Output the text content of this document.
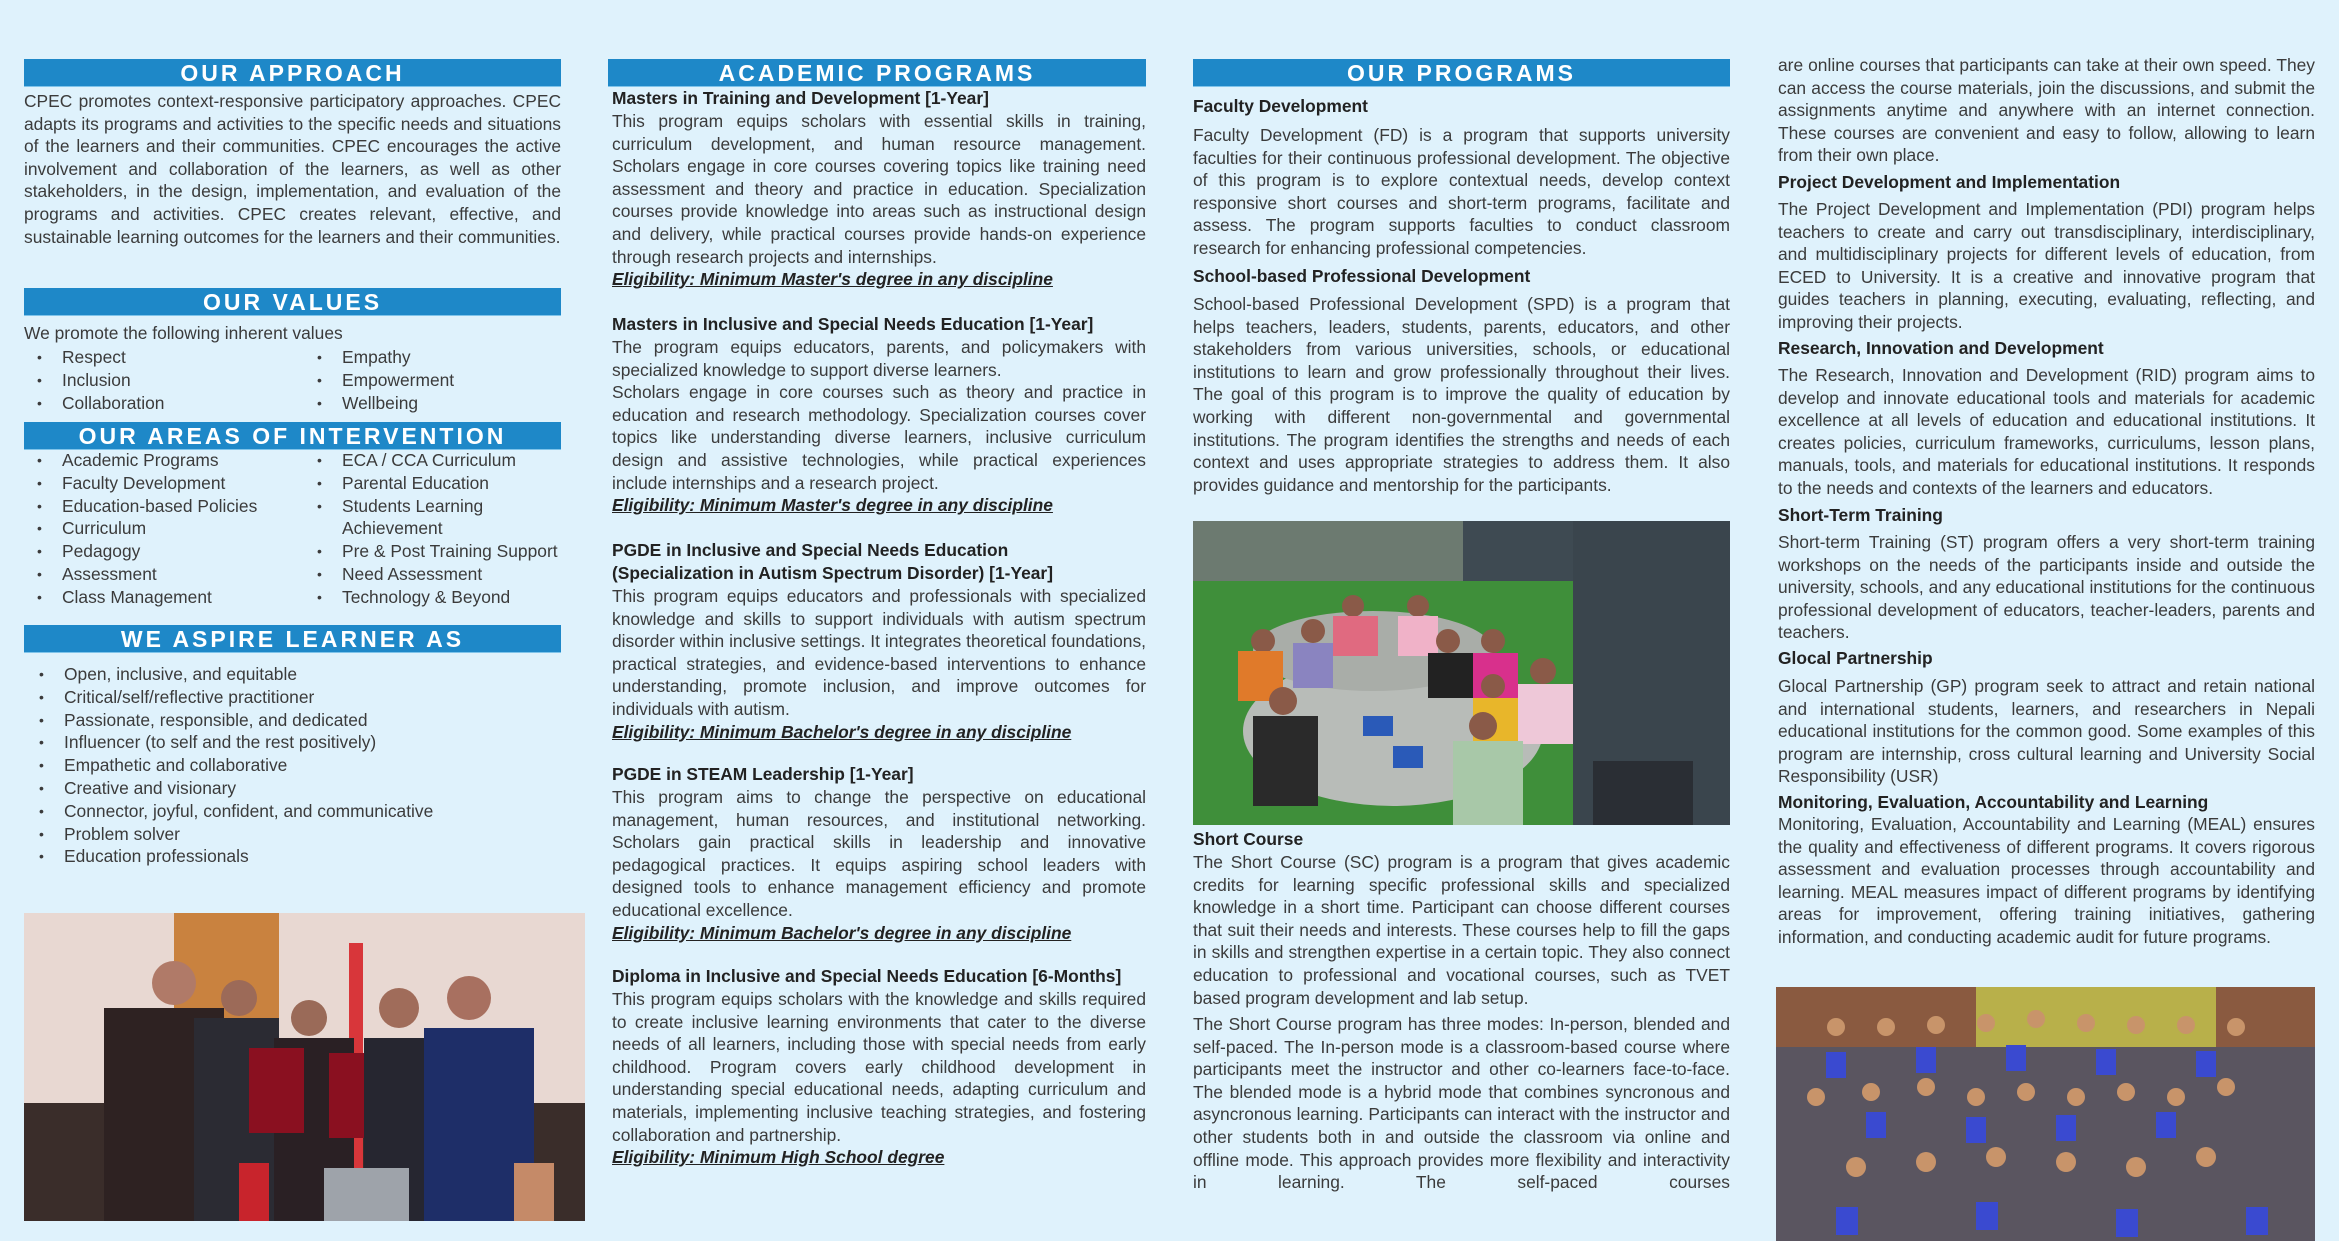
OUR APPROACH
CPEC promotes context-responsive participatory approaches. CPEC adapts its programs and activities to the specific needs and situations of the learners and their communities. CPEC encourages the active involvement and collaboration of the learners, as well as other stakeholders, in the design, implementation, and evaluation of the programs and activities. CPEC creates relevant, effective, and sustainable learning outcomes for the learners and their communities.
OUR VALUES
We promote the following inherent values
• Respect
• Inclusion
• Collaboration
• Empathy
• Empowerment
• Wellbeing
OUR AREAS OF INTERVENTION
• Academic Programs
• Faculty Development
• Education-based Policies
• Curriculum
• Pedagogy
• Assessment
• Class Management
• ECA / CCA Curriculum
• Parental Education
• Students Learning Achievement
• Pre & Post Training Support
• Need Assessment
• Technology & Beyond
WE ASPIRE LEARNER AS
• Open, inclusive, and equitable
• Critical/self/reflective practitioner
• Passionate, responsible, and dedicated
• Influencer (to self and the rest positively)
• Empathetic and collaborative
• Creative and visionary
• Connector, joyful, confident, and communicative
• Problem solver
• Education professionals
ACADEMIC PROGRAMS
Masters in Training and Development [1-Year]
This program equips scholars with essential skills in training, curriculum development, and human resource management. Scholars engage in core courses covering topics like training need assessment and theory and practice in education. Specialization courses provide knowledge into areas such as instructional design and delivery, while practical courses provide hands-on experience through research projects and internships.
Eligibility: Minimum Master's degree in any discipline
Masters in Inclusive and Special Needs Education [1-Year]
The program equips educators, parents, and policymakers with specialized knowledge to support diverse learners.
Scholars engage in core courses such as theory and practice in education and research methodology. Specialization courses cover topics like understanding diverse learners, inclusive curriculum design and assistive technologies, while practical experiences include internships and a research project.
Eligibility: Minimum Master's degree in any discipline
PGDE in Inclusive and Special Needs Education
(Specialization in Autism Spectrum Disorder) [1-Year]
This program equips educators and professionals with specialized knowledge and skills to support individuals with autism spectrum disorder within inclusive settings. It integrates theoretical foundations, practical strategies, and evidence-based interventions to enhance understanding, promote inclusion, and improve outcomes for individuals with autism.
Eligibility: Minimum Bachelor's degree in any discipline
PGDE in STEAM Leadership [1-Year]
This program aims to change the perspective on educational management, human resources, and institutional networking. Scholars gain practical skills in leadership and innovative pedagogical practices. It equips aspiring school leaders with designed tools to enhance management efficiency and promote educational excellence.
Eligibility: Minimum Bachelor's degree in any discipline
Diploma in Inclusive and Special Needs Education [6-Months]
This program equips scholars with the knowledge and skills required to create inclusive learning environments that cater to the diverse needs of all learners, including those with special needs from early childhood. Program covers early childhood development in understanding special educational needs, adapting curriculum and materials, implementing inclusive teaching strategies, and fostering collaboration and partnership.
Eligibility: Minimum High School degree
OUR PROGRAMS
Faculty Development
Faculty Development (FD) is a program that supports university faculties for their continuous professional development. The objective of this program is to explore contextual needs, develop context responsive short courses and short-term programs, facilitate and assess. The program supports faculties to conduct classroom research for enhancing professional competencies.
School-based Professional Development
School-based Professional Development (SPD) is a program that helps teachers, leaders, students, parents, educators, and other stakeholders from various universities, schools, or educational institutions to learn and grow professionally throughout their lives. The goal of this program is to improve the quality of education by working with different non-governmental and governmental institutions. The program identifies the strengths and needs of each context and uses appropriate strategies to address them. It also provides guidance and mentorship for the participants.
Short Course
The Short Course (SC) program is a program that gives academic credits for learning specific professional skills and specialized knowledge in a short time. Participant can choose different courses that suit their needs and interests. These courses help to fill the gaps in skills and strengthen expertise in a certain topic. They also connect education to professional and vocational courses, such as TVET based program development and lab setup.
The Short Course program has three modes: In-person, blended and self-paced. The In-person mode is a classroom-based course where participants meet the instructor and other co-learners face-to-face. The blended mode is a hybrid mode that combines syncronous and asyncronous learning. Participants can interact with the instructor and other students both in and outside the classroom via online and offline mode. This approach provides more flexibility and interactivity in learning. The self-paced courses
are online courses that participants can take at their own speed. They can access the course materials, join the discussions, and submit the assignments anytime and anywhere with an internet connection. These courses are convenient and easy to follow, allowing to learn from their own place.
Project Development and Implementation
The Project Development and Implementation (PDI) program helps teachers to create and carry out transdisciplinary, interdisciplinary, and multidisciplinary projects for different levels of education, from ECED to University. It is a creative and innovative program that guides teachers in planning, executing, evaluating, reflecting, and improving their projects.
Research, Innovation and Development
The Research, Innovation and Development (RID) program aims to develop and innovate educational tools and materials for academic excellence at all levels of education and educational institutions. It creates policies, curriculum frameworks, curriculums, lesson plans, manuals, tools, and materials for educational institutions. It responds to the needs and contexts of the learners and educators.
Short-Term Training
Short-term Training (ST) program offers a very short-term training workshops on the needs of the participants inside and outside the university, schools, and any educational institutions for the continuous professional development of educators, teacher-leaders, parents and teachers.
Glocal Partnership
Glocal Partnership (GP) program seek to attract and retain national and international students, learners, and researchers in Nepali educational institutions for the common good. Some examples of this program are internship, cross cultural learning and University Social Responsibility (USR)
Monitoring, Evaluation, Accountability and Learning
Monitoring, Evaluation, Accountability and Learning (MEAL) ensures the quality and effectiveness of different programs. It covers rigorous assessment and evaluation processes through accountability and learning. MEAL measures impact of different programs by identifying areas for improvement, offering training initiatives, gathering information, and conducting academic audit for future programs.
